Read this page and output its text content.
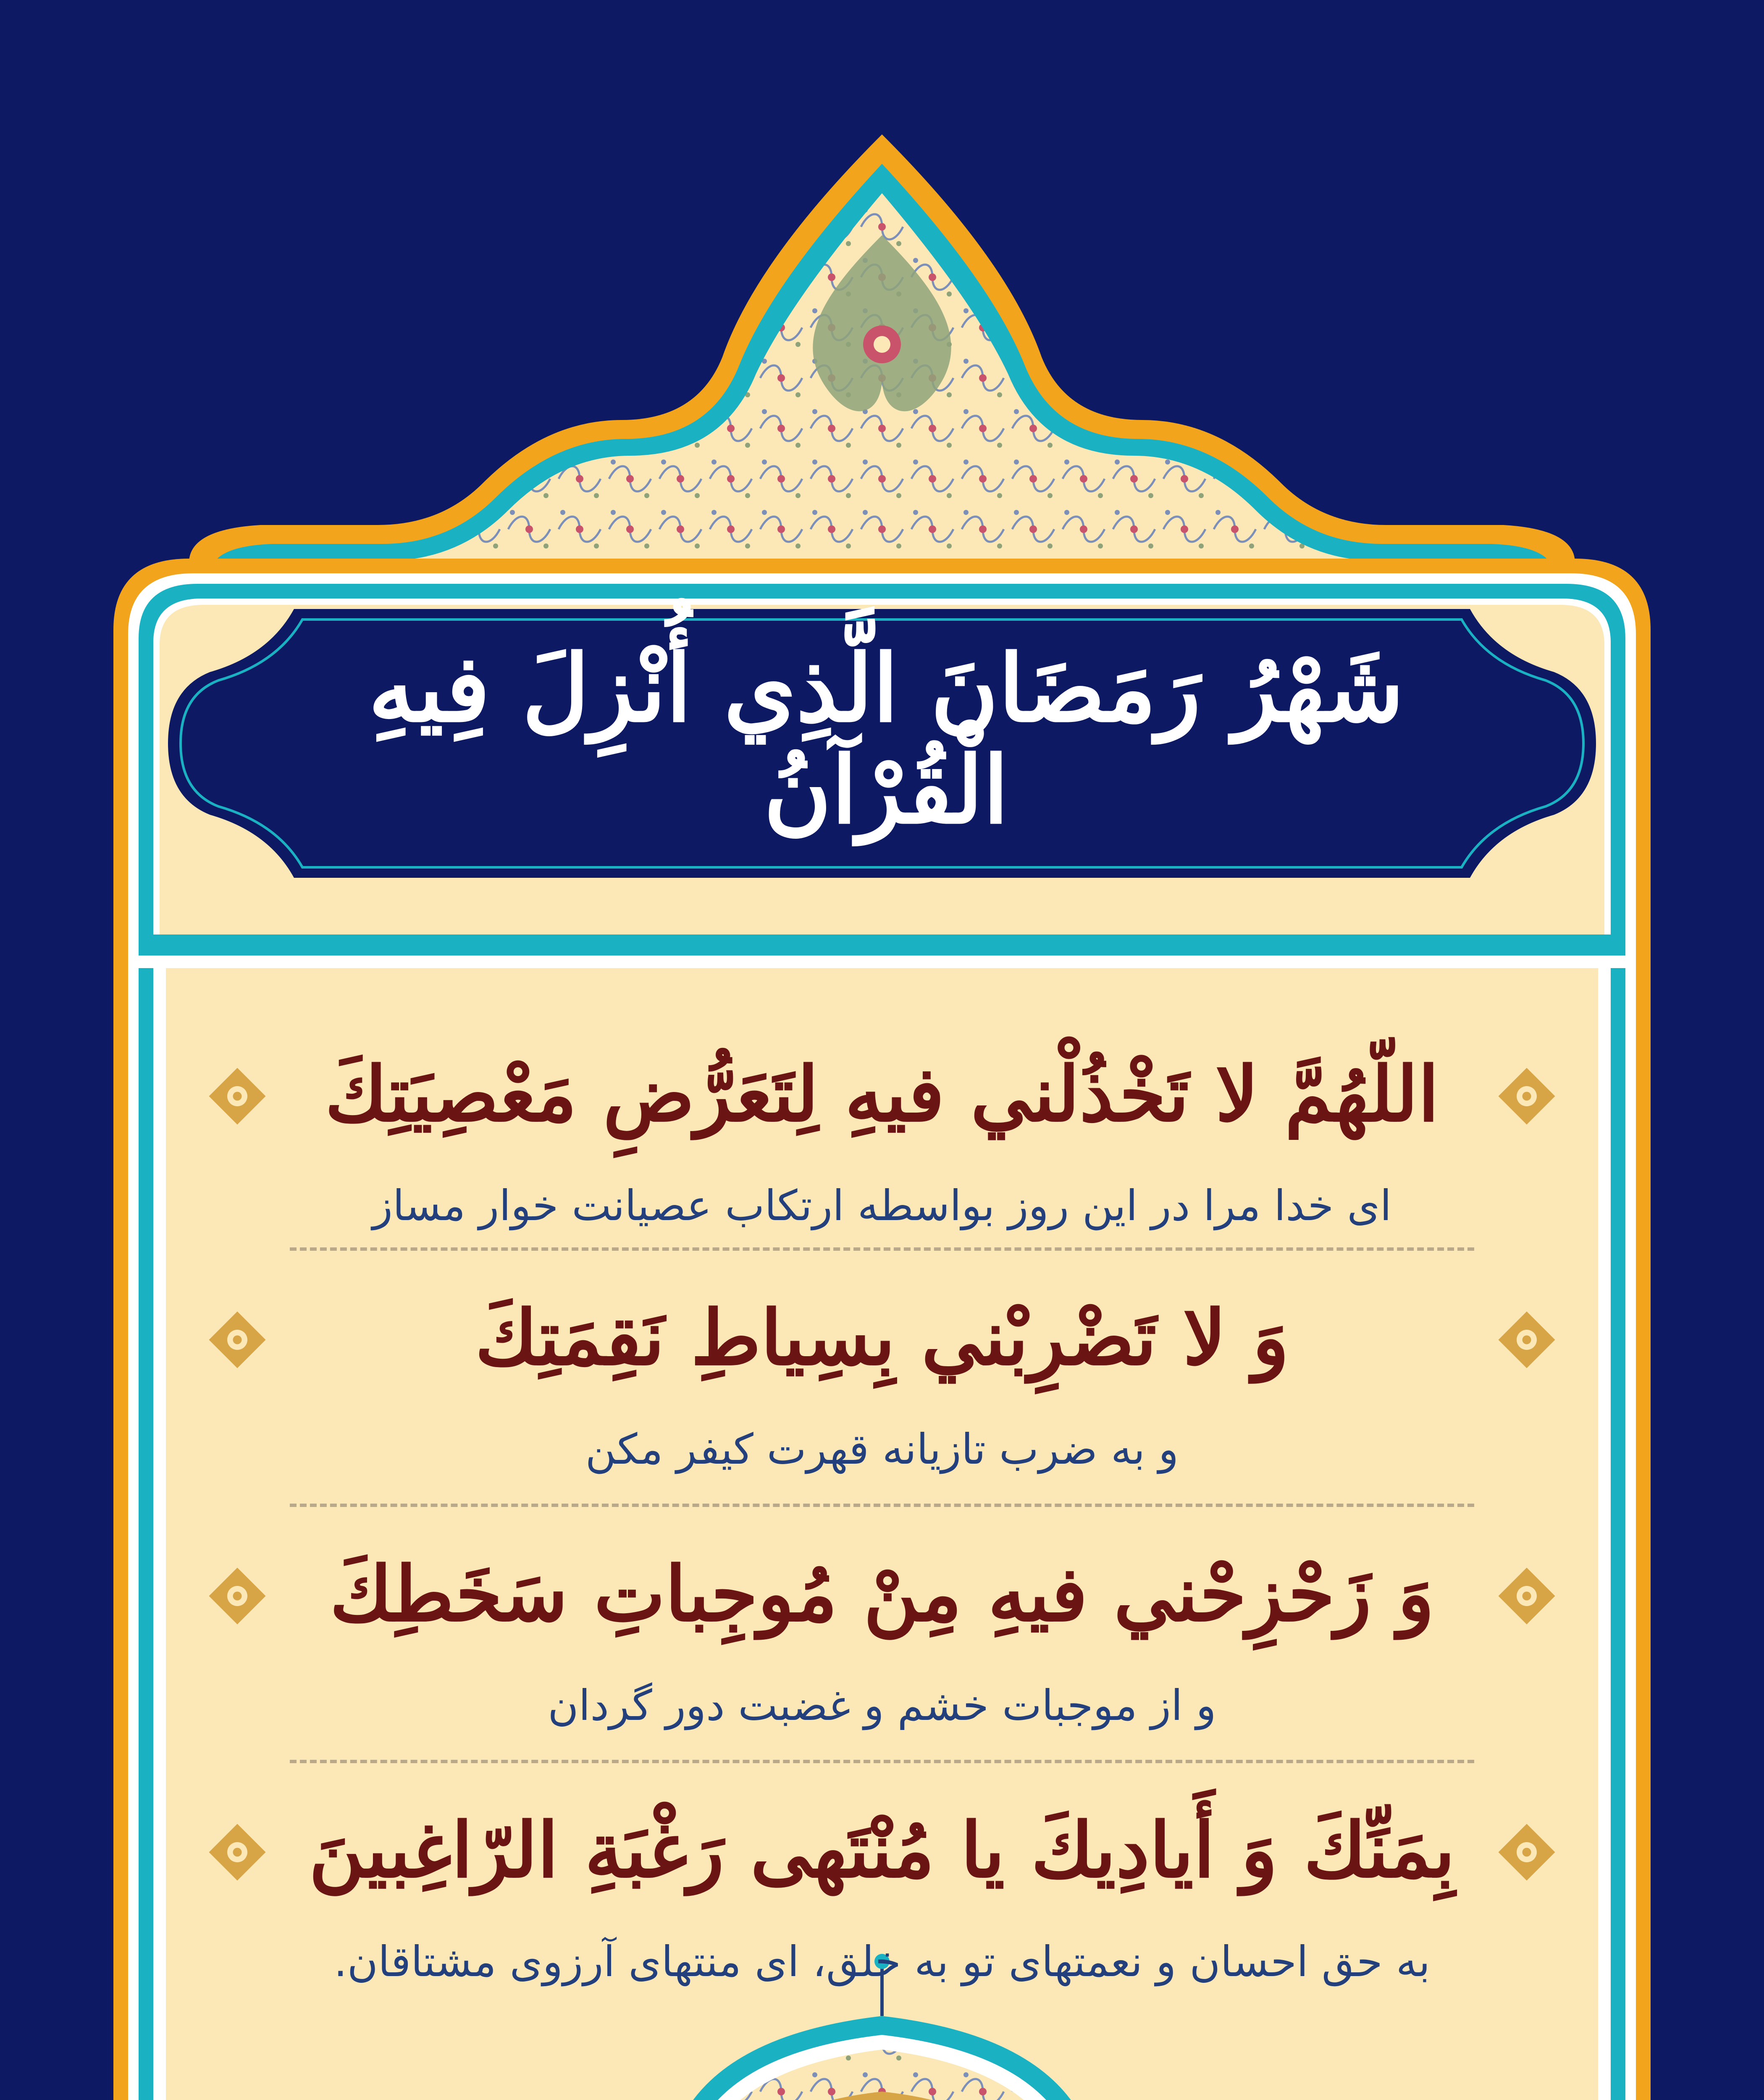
شَهْرُ رَمَضَانَ الَّذِي أُنْزِلَ فِيهِ الْقُرْآنُ
اللّهُمَّ لا تَخْذُلْني فيهِ لِتَعَرُّضِ مَعْصِيَتِكَ
ای خدا مرا در این روز بواسطه ارتکاب عصیانت خوار مساز
وَ لا تَضْرِبْني بِسِياطِ نَقِمَتِكَ
و به ضرب تازیانه قهرت کیفر مکن
وَ زَحْزِحْني فيهِ مِنْ مُوجِباتِ سَخَطِكَ
و از موجبات خشم و غضبت دور گردان
بِمَنِّكَ وَ أَيادِيكَ يا مُنْتَهى رَغْبَةِ الرّاغِبينَ
به حق احسان و نعمتهای تو به خلق، ای منتهای آرزوی مشتاقان.
